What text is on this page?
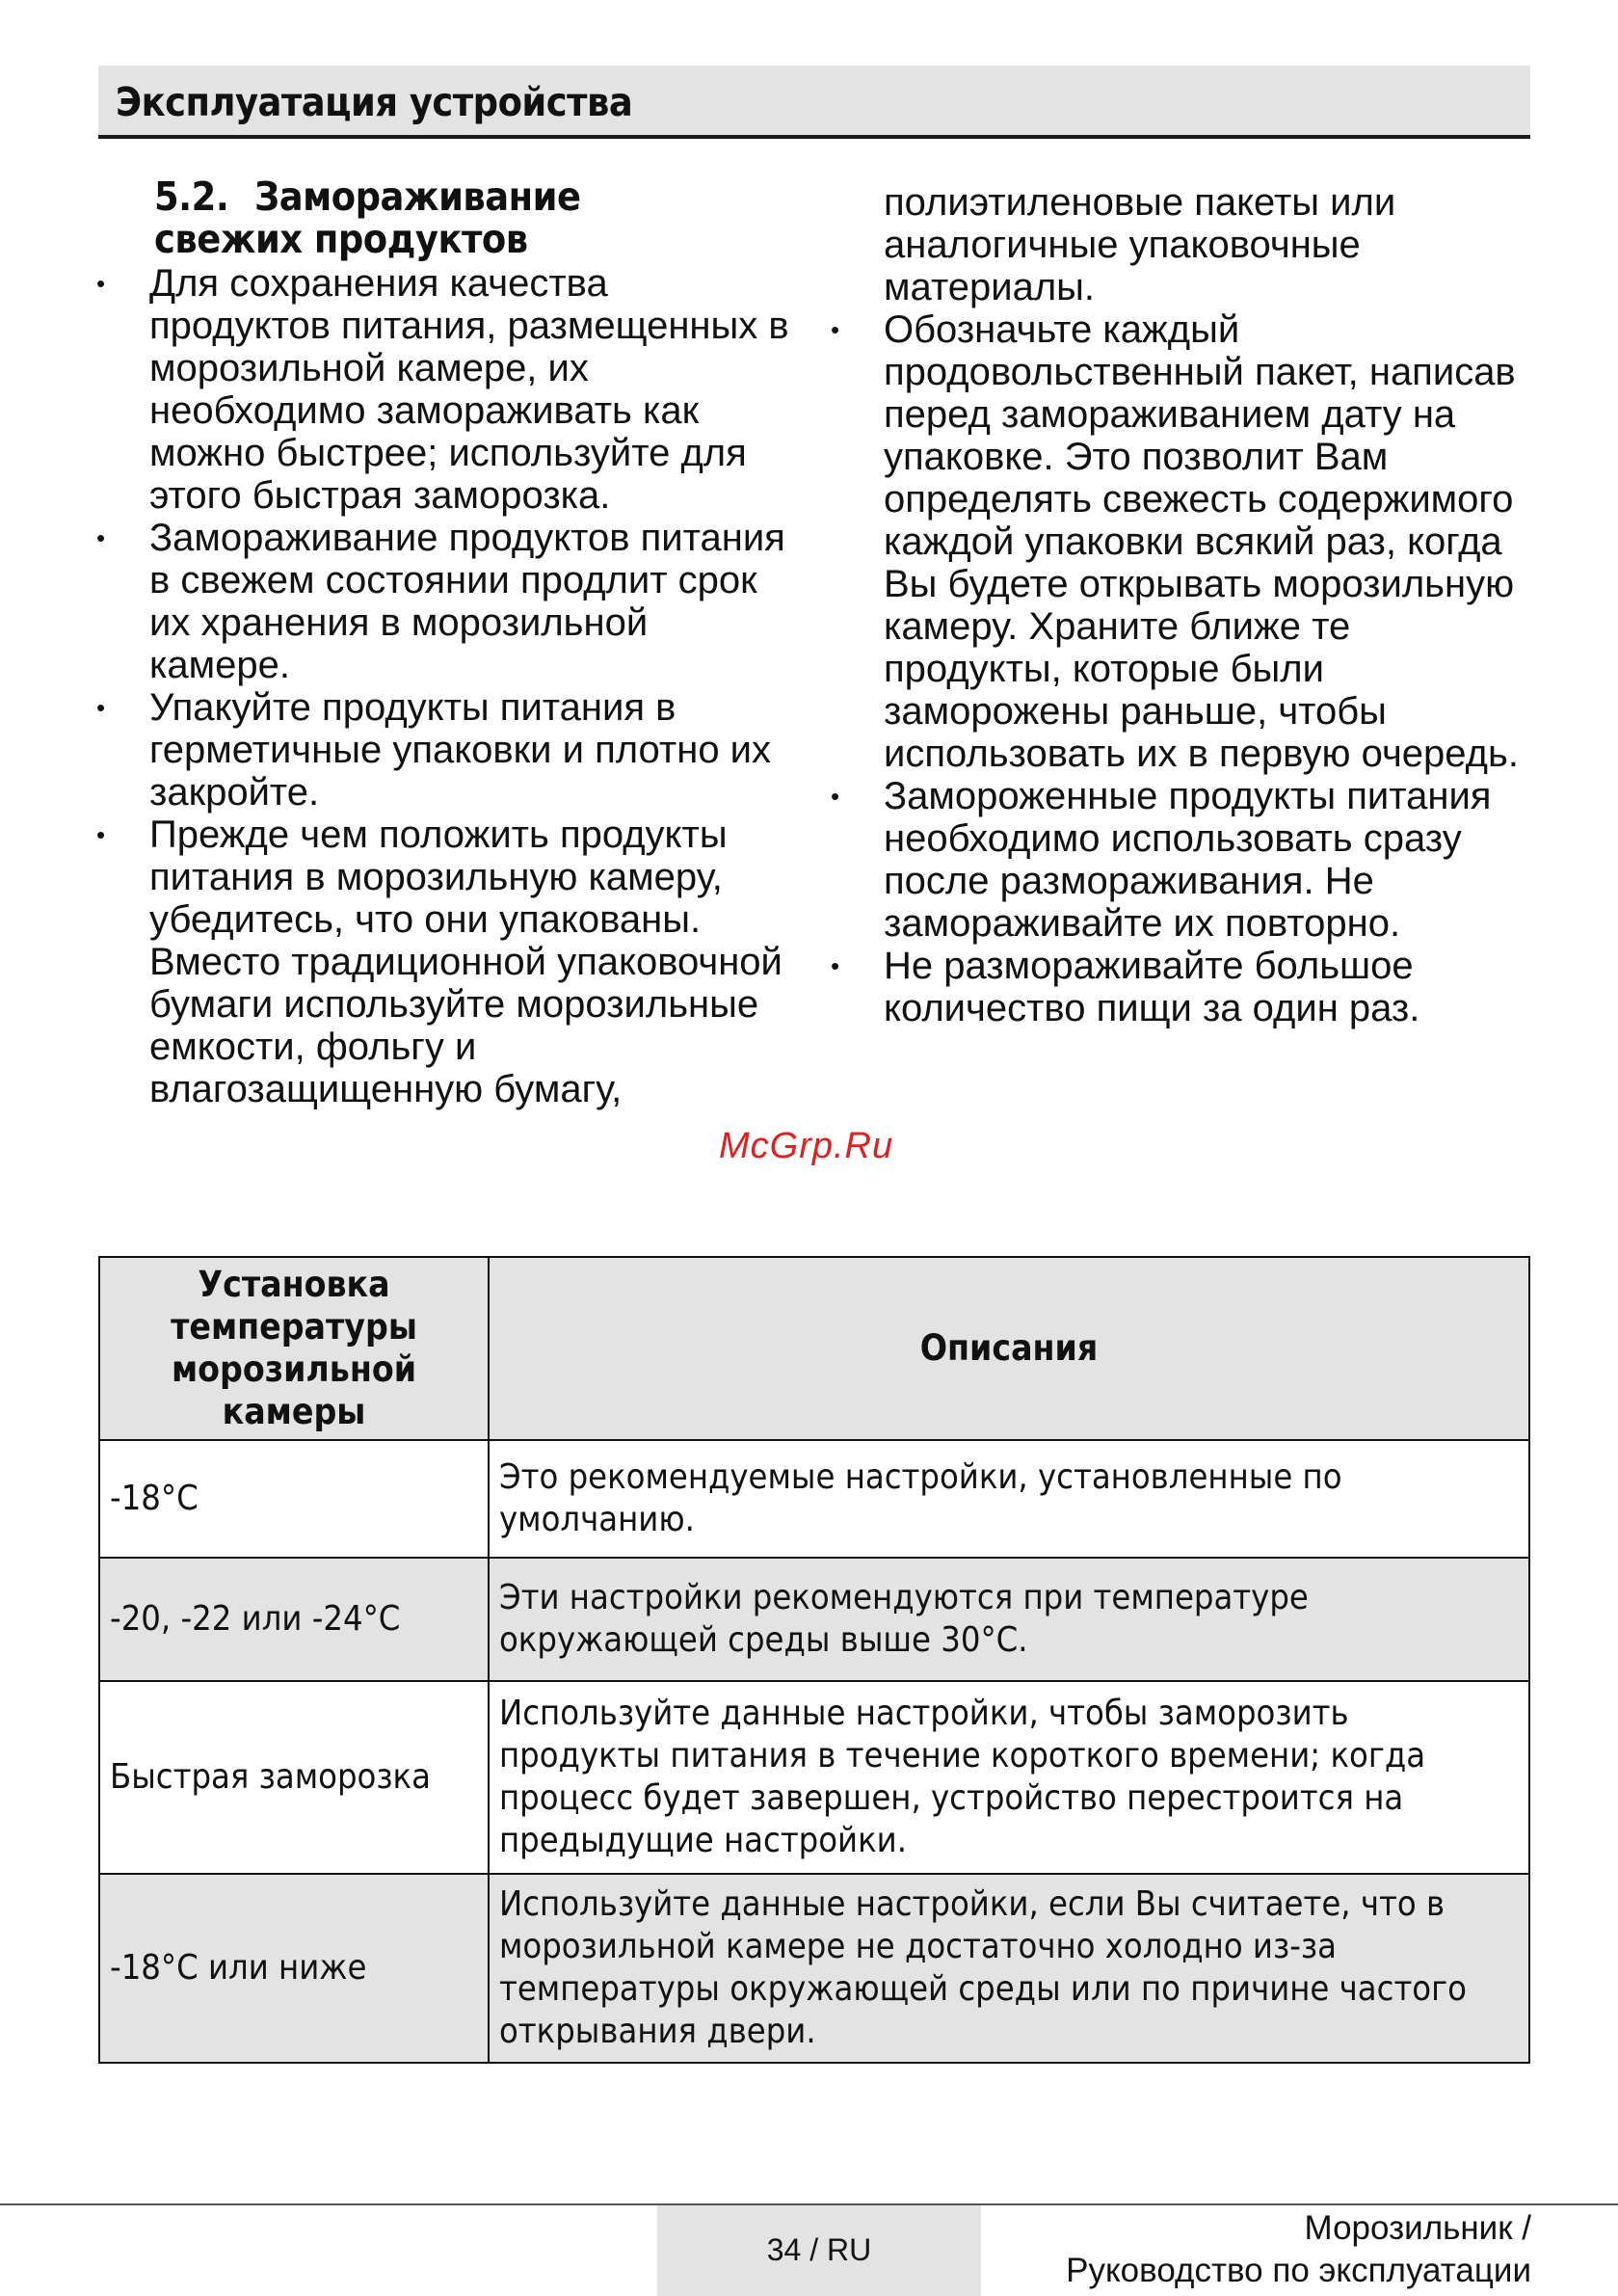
Эксплуатация устройства
5.2. Замораживание
свежих продуктов
• Для сохранения качества продуктов питания, размещенных в морозильной камере, их необходимо замораживать как можно быстрее; используйте для этого быстрая заморозка.
• Замораживание продуктов питания в свежем состоянии продлит срок их хранения в морозильной камере.
• Упакуйте продукты питания в герметичные упаковки и плотно их закройте.
• Прежде чем положить продукты питания в морозильную камеру, убедитесь, что они упакованы. Вместо традиционной упаковочной бумаги используйте морозильные емкости, фольгу и влагозащищенную бумагу,
полиэтиленовые пакеты или аналогичные упаковочные материалы.
• Обозначьте каждый продовольственный пакет, написав перед замораживанием дату на упаковке. Это позволит Вам определять свежесть содержимого каждой упаковки всякий раз, когда Вы будете открывать морозильную камеру. Храните ближе те продукты, которые были заморожены раньше, чтобы использовать их в первую очередь.
• Замороженные продукты питания необходимо использовать сразу после размораживания. Не замораживайте их повторно.
• Не размораживайте большое количество пищи за один раз.
McGrp.Ru
Установка температуры морозильной камеры	Описания
-18°C	Это рекомендуемые настройки, установленные по умолчанию.
-20, -22 или -24°C	Эти настройки рекомендуются при температуре окружающей среды выше 30°C.
Быстрая заморозка	Используйте данные настройки, чтобы заморозить продукты питания в течение короткого времени; когда процесс будет завершен, устройство перестроится на предыдущие настройки.
-18°C или ниже	Используйте данные настройки, если Вы считаете, что в морозильной камере не достаточно холодно из-за температуры окружающей среды или по причине частого открывания двери.
34 / RU
Морозильник /
Руководство по эксплуатации
